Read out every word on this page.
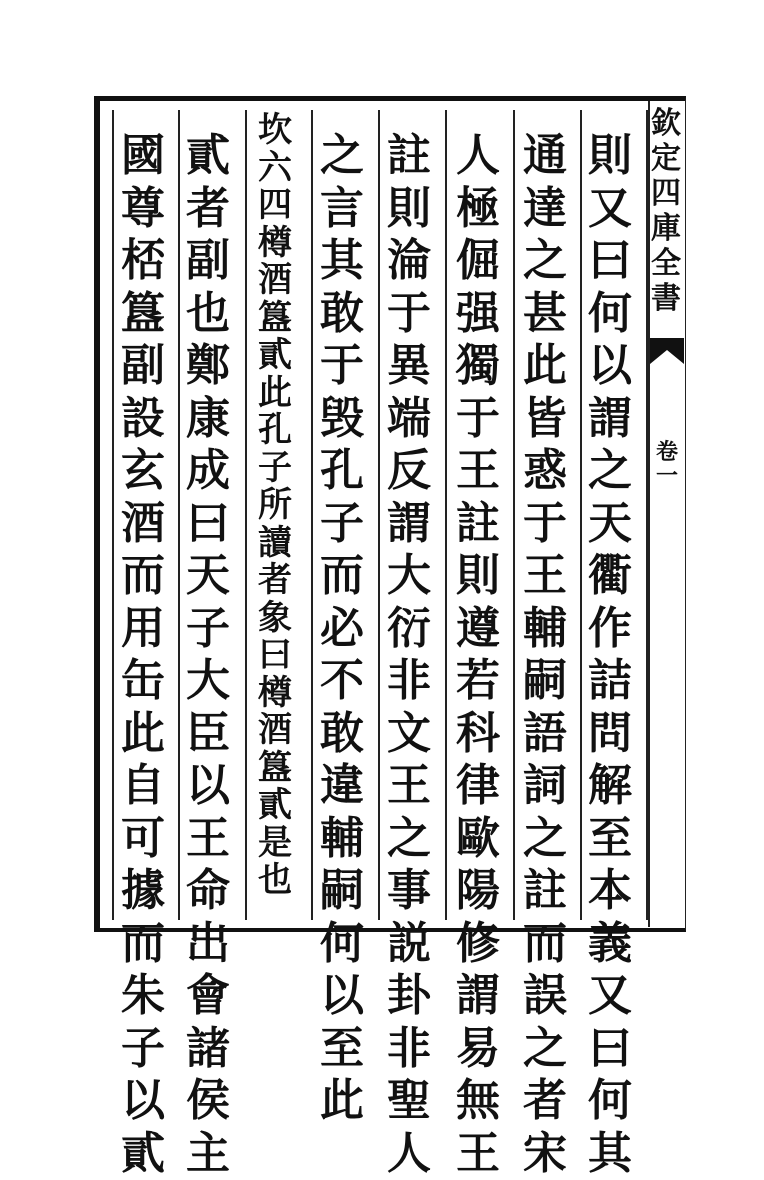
欽
定
四
庫
全
書
卷
一
則
又
曰
何
以
謂
之
天
衢
作
詰
問
解
至
本
義
又
曰
何
其
通
達
之
甚
此
皆
惑
于
王
輔
嗣
語
詞
之
註
而
誤
之
者
宋
人
極
倔
强
獨
于
王
註
則
遵
若
科
律
歐
陽
修
謂
易
無
王
註
則
淪
于
異
端
反
謂
大
衍
非
文
王
之
事
説
卦
非
聖
人
之
言
其
敢
于
毁
孔
子
而
必
不
敢
違
輔
嗣
何
以
至
此
坎
六
四
樽
酒
簋
貳
此
孔
子
所
讀
者
象
曰
樽
酒
簋
貳
是
也
貳
者
副
也
鄭
康
成
曰
天
子
大
臣
以
王
命
出
會
諸
侯
主
國
尊
桮
簋
副
設
玄
酒
而
用
缶
此
自
可
據
而
朱
子
以
貳
